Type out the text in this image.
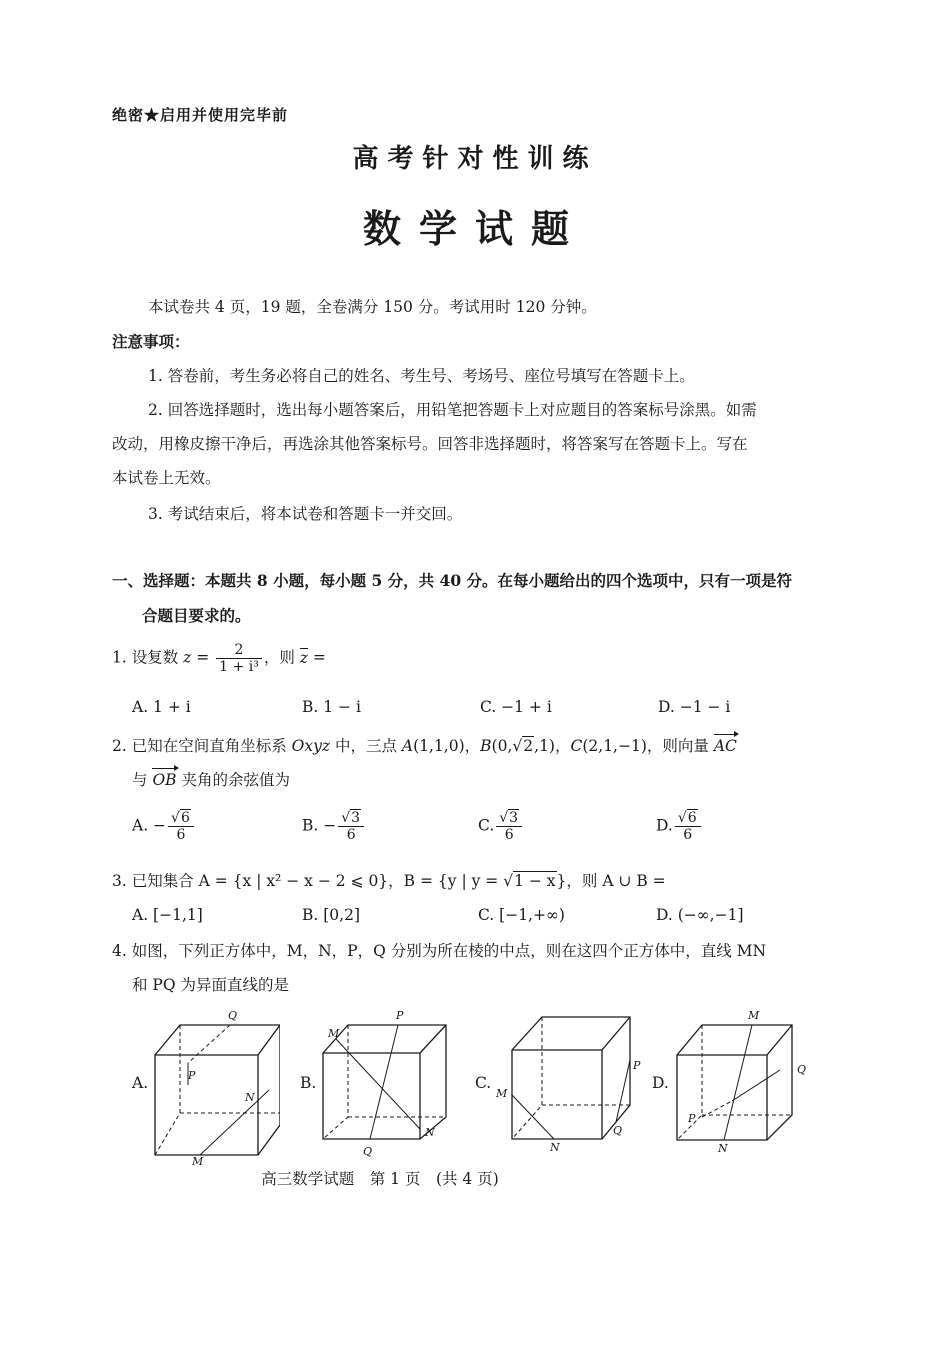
绝密★启用并使用完毕前
高考针对性训练
数学试题
本试卷共 4 页，19 题，全卷满分 150 分。考试用时 120 分钟。
注意事项：
1. 答卷前，考生务必将自己的姓名、考生号、考场号、座位号填写在答题卡上。
2. 回答选择题时，选出每小题答案后，用铅笔把答题卡上对应题目的答案标号涂黑。如需
改动，用橡皮擦干净后，再选涂其他答案标号。回答非选择题时，将答案写在答题卡上。写在
本试卷上无效。
3. 考试结束后，将本试卷和答题卡一并交回。
一、选择题：本题共 8 小题，每小题 5 分，共 40 分。在每小题给出的四个选项中，只有一项是符
合题目要求的。
1. 设复数 $z = \frac{2}{\text{1 + i³}}$ ，则 z =
A. 1 + i	B. 1 − i	C. −1 + i	D. −1 − i
2. 已知在空间直角坐标系 Oxyz 中，三点 A(1,1,0)，B(0,√2,1)，C(2,1,−1)，则向量 AC
与 OB 夹角的余弦值为
A. − $\frac{√6}{6}$	B. − $\frac{√3}{6}$	C. $\frac{√3}{6}$	D. $\frac{√6}{6}$
3. 已知集合 A = {x | x² − x − 2 ⩽ 0}，B = {y | y = √1 − x}，则 A ∪ B =
A. [−1,1]	B. [0,2]	C. [−1,+∞)	D. (−∞,−1]
4. 如图，下列正方体中，M，N，P，Q 分别为所在棱的中点，则在这四个正方体中，直线 MN
和 PQ 为异面直线的是
A.	B.	C.	D.
Q
P
N
M
M
P
N
Q
M
N
P
Q
M
Q
P
N
高三数学试题　第 1 页　(共 4 页)
